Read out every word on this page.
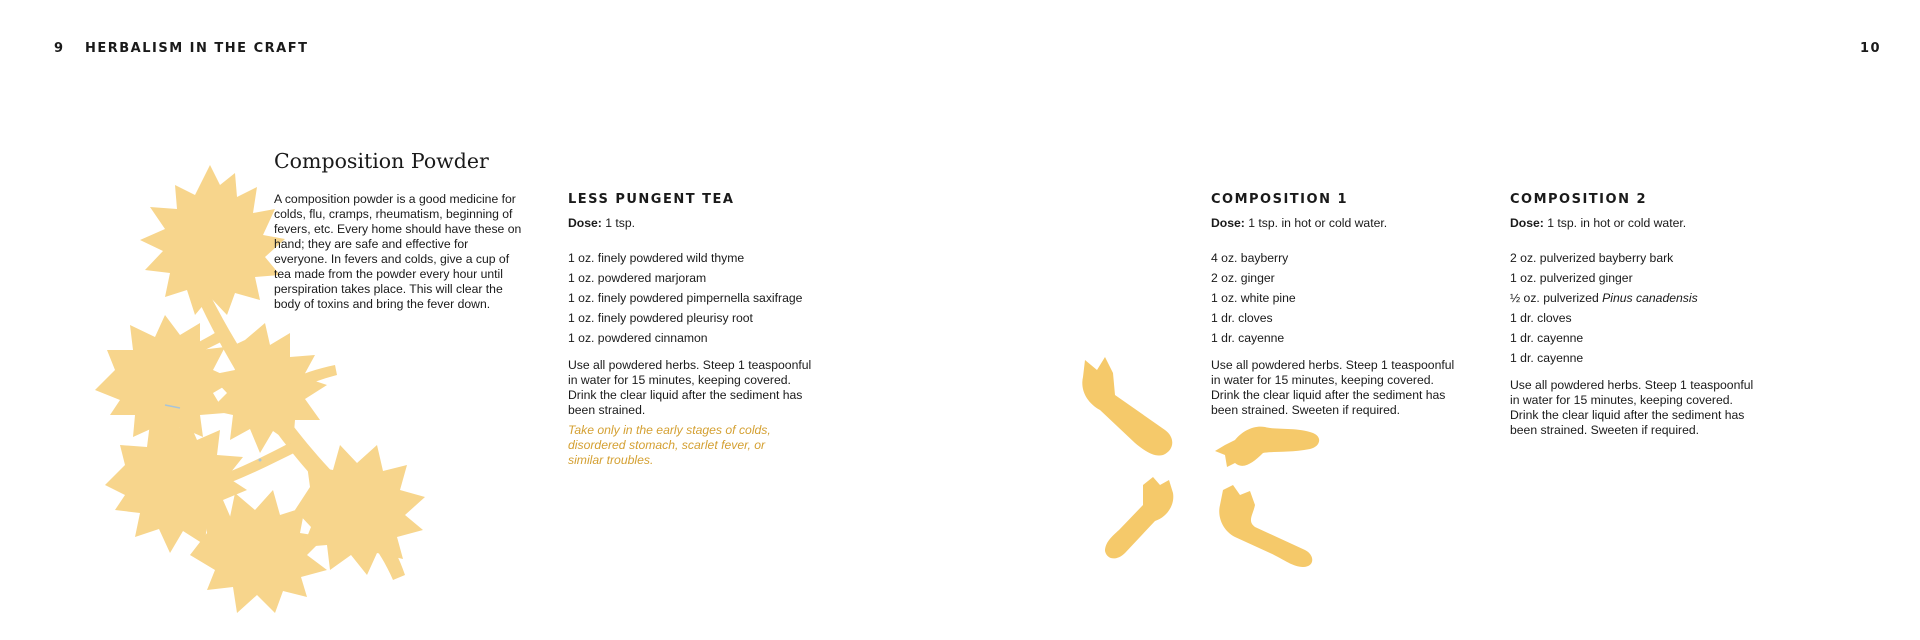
9 HERBALISM IN THE CRAFT	10
Composition Powder
A composition powder is a good medicine for colds, flu, cramps, rheumatism, beginning of fevers, etc. Every home should have these on hand; they are safe and effective for everyone. In fevers and colds, give a cup of tea made from the powder every hour until perspiration takes place. This will clear the body of toxins and bring the fever down.
LESS PUNGENT TEA
Dose: 1 tsp.
1 oz. finely powdered wild thyme
1 oz. powdered marjoram
1 oz. finely powdered pimpernella saxifrage
1 oz. finely powdered pleurisy root
1 oz. powdered cinnamon
Use all powdered herbs. Steep 1 teaspoonful in water for 15 minutes, keeping covered. Drink the clear liquid after the sediment has been strained.
Take only in the early stages of colds, disordered stomach, scarlet fever, or similar troubles.
COMPOSITION 1
Dose: 1 tsp. in hot or cold water.
4 oz. bayberry
2 oz. ginger
1 oz. white pine
1 dr. cloves
1 dr. cayenne
Use all powdered herbs. Steep 1 teaspoonful in water for 15 minutes, keeping covered. Drink the clear liquid after the sediment has been strained. Sweeten if required.
COMPOSITION 2
Dose: 1 tsp. in hot or cold water.
2 oz. pulverized bayberry bark
1 oz. pulverized ginger
½ oz. pulverized Pinus canadensis
1 dr. cloves
1 dr. cayenne
1 dr. cayenne
Use all powdered herbs. Steep 1 teaspoonful in water for 15 minutes, keeping covered. Drink the clear liquid after the sediment has been strained. Sweeten if required.
